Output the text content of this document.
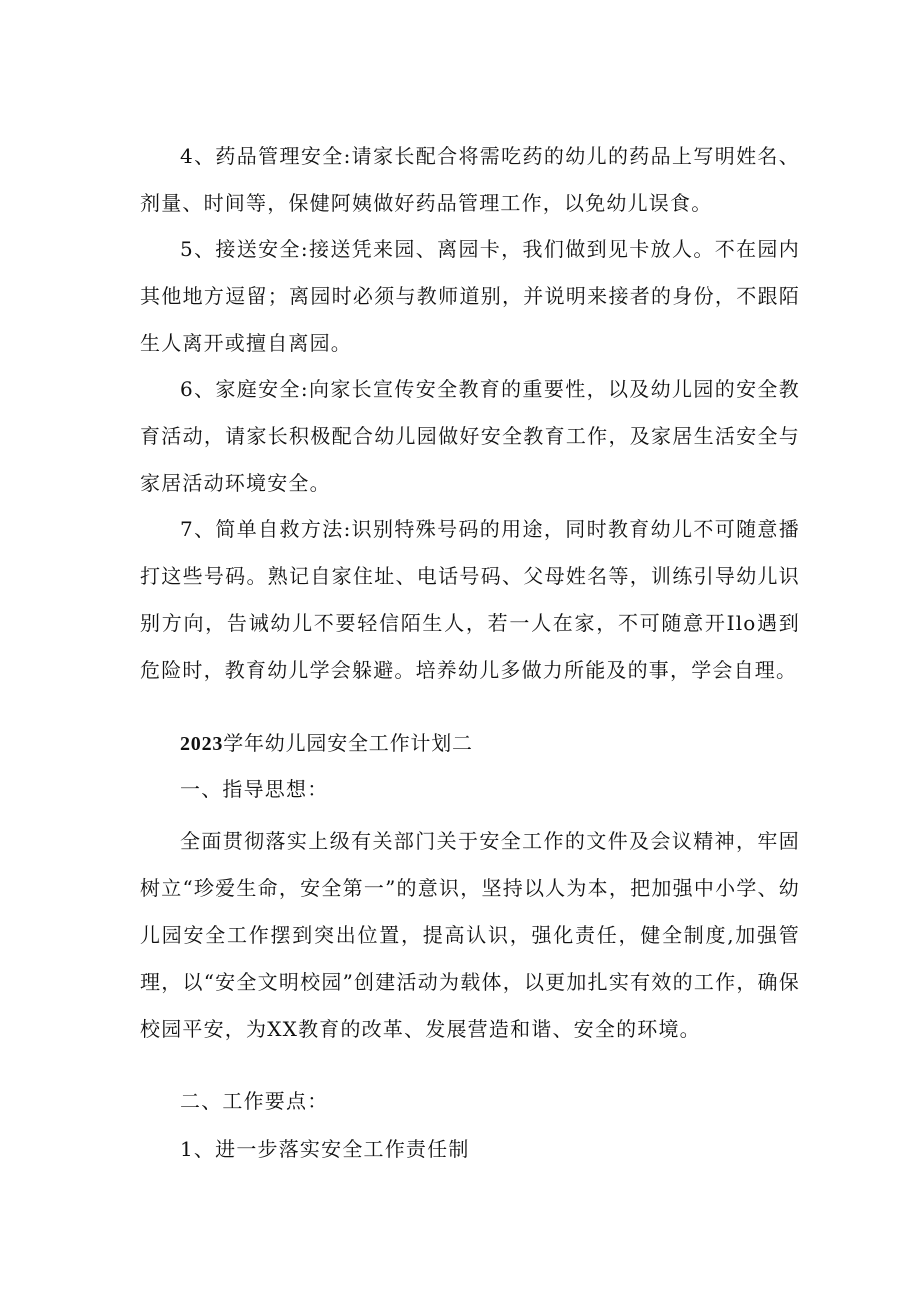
4、药品管理安全:请家长配合将需吃药的幼儿的药品上写明姓名、剂量、时间等，保健阿姨做好药品管理工作，以免幼儿误食。

5、接送安全:接送凭来园、离园卡，我们做到见卡放人。不在园内其他地方逗留；离园时必须与教师道别，并说明来接者的身份，不跟陌生人离开或擅自离园。

6、家庭安全:向家长宣传安全教育的重要性，以及幼儿园的安全教育活动，请家长积极配合幼儿园做好安全教育工作，及家居生活安全与家居活动环境安全。

7、简单自救方法:识别特殊号码的用途，同时教育幼儿不可随意播打这些号码。熟记自家住址、电话号码、父母姓名等，训练引导幼儿识别方向，告诫幼儿不要轻信陌生人，若一人在家，不可随意开Ilo遇到危险时，教育幼儿学会躲避。培养幼儿多做力所能及的事，学会自理。

2023学年幼儿园安全工作计划二

一、指导思想：

全面贯彻落实上级有关部门关于安全工作的文件及会议精神，牢固树立“珍爱生命，安全第一”的意识，坚持以人为本，把加强中小学、幼儿园安全工作摆到突出位置，提高认识，强化责任，健全制度,加强管理，以“安全文明校园”创建活动为载体，以更加扎实有效的工作，确保校园平安，为XX教育的改革、发展营造和谐、安全的环境。

二、工作要点：

1、进一步落实安全工作责任制
